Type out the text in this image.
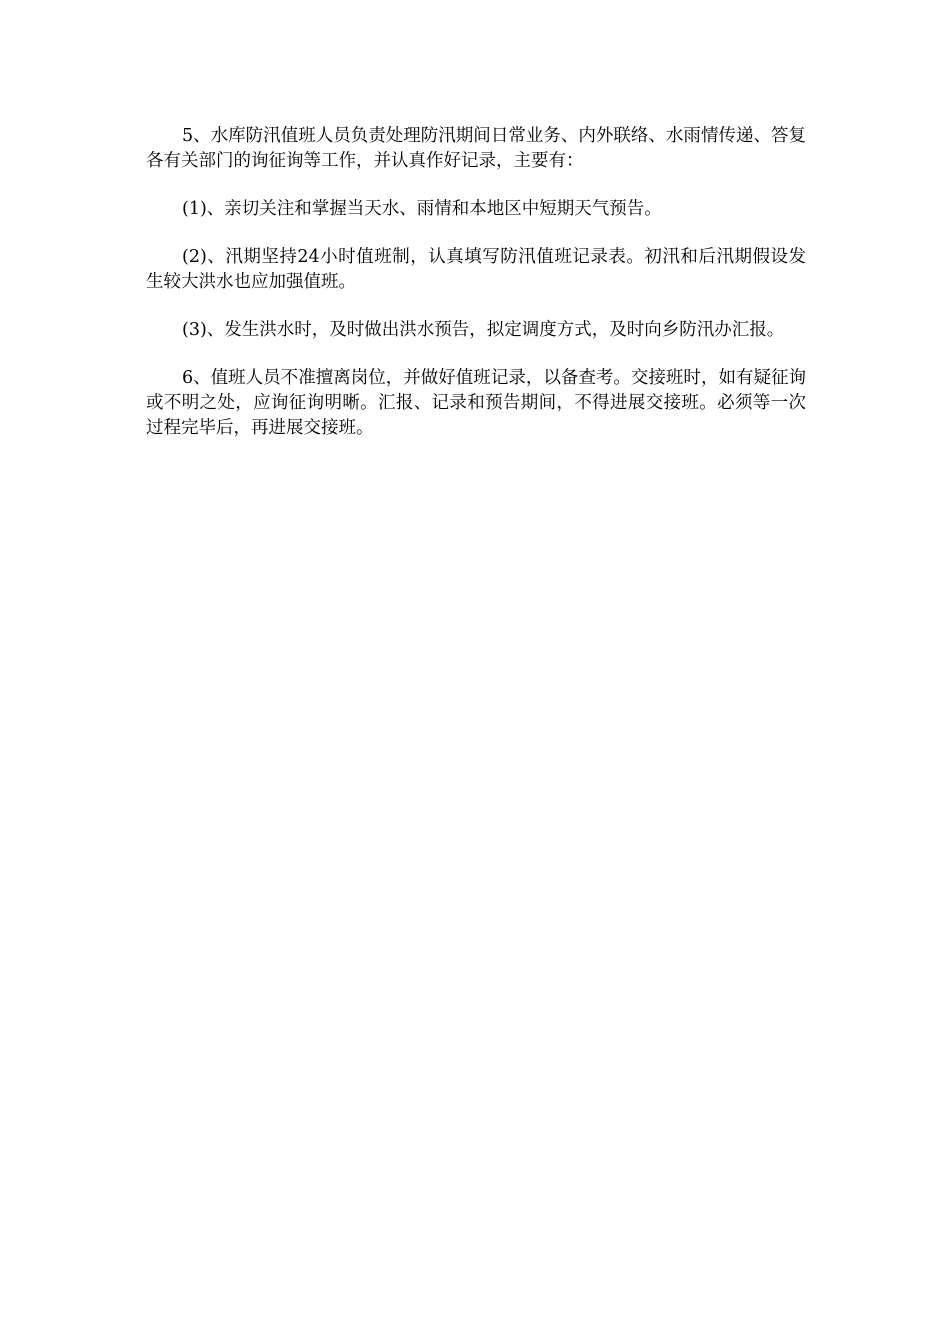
5、水库防汛值班人员负责处理防汛期间日常业务、内外联络、水雨情传递、答复各有关部门的询征询等工作，并认真作好记录，主要有：

(1)、亲切关注和掌握当天水、雨情和本地区中短期天气预告。

(2)、汛期坚持24小时值班制，认真填写防汛值班记录表。初汛和后汛期假设发生较大洪水也应加强值班。

(3)、发生洪水时，及时做出洪水预告，拟定调度方式，及时向乡防汛办汇报。

6、值班人员不准擅离岗位，并做好值班记录，以备查考。交接班时，如有疑征询或不明之处，应询征询明晰。汇报、记录和预告期间，不得进展交接班。必须等一次过程完毕后，再进展交接班。
